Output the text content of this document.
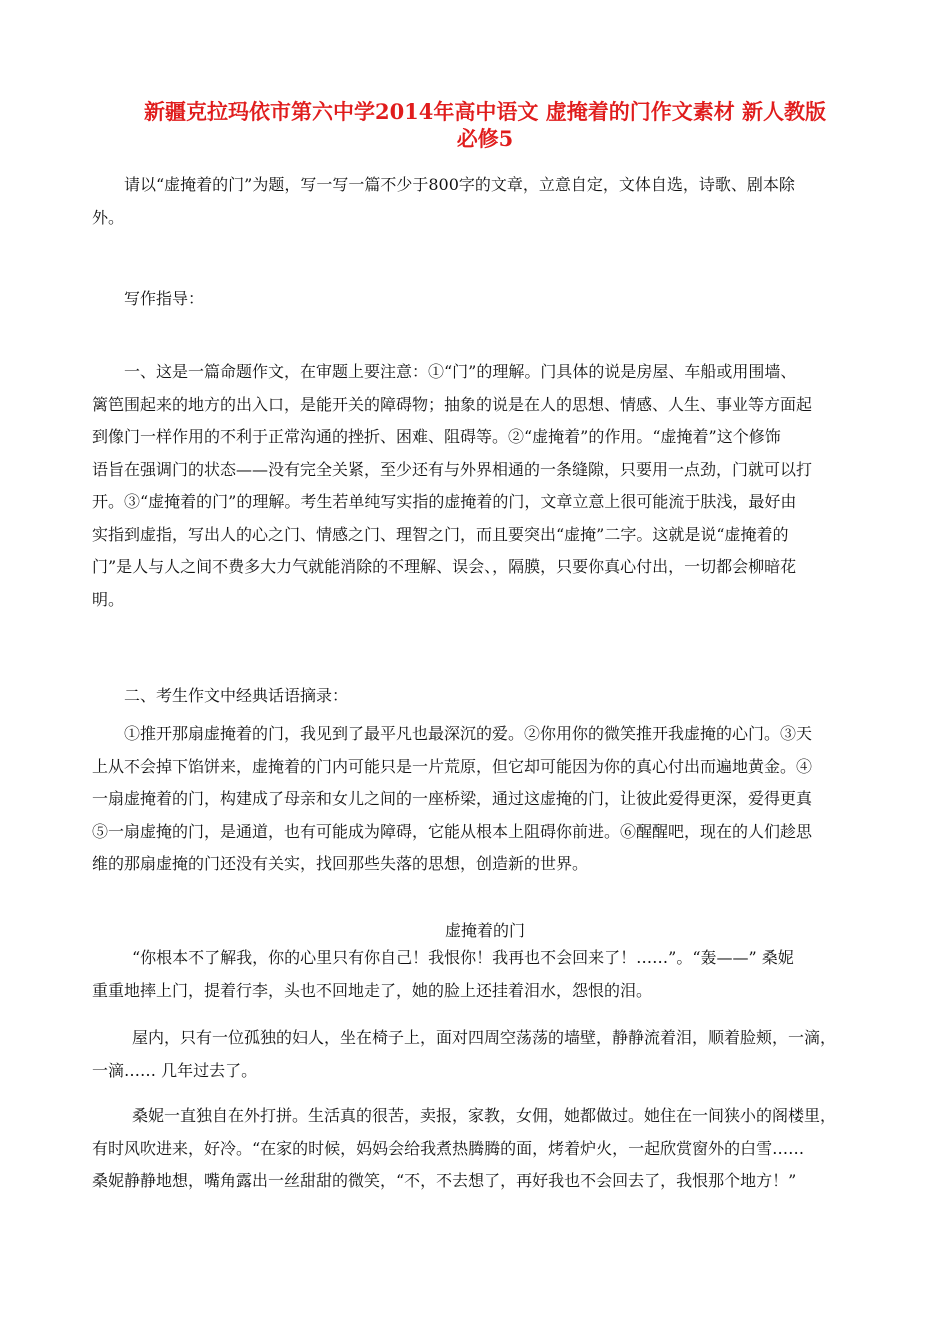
新疆克拉玛依市第六中学2014年高中语文 虚掩着的门作文素材 新人教版
必修5
请以“虚掩着的门”为题，写一写一篇不少于800字的文章，立意自定，文体自选，诗歌、剧本除
外。
写作指导：
一、这是一篇命题作文，在审题上要注意：①“门”的理解。门具体的说是房屋、车船或用围墙、
篱笆围起来的地方的出入口，是能开关的障碍物；抽象的说是在人的思想、情感、人生、事业等方面起
到像门一样作用的不利于正常沟通的挫折、困难、阻碍等。②“虚掩着”的作用。“虚掩着”这个修饰
语旨在强调门的状态——没有完全关紧，至少还有与外界相通的一条缝隙，只要用一点劲，门就可以打
开。③“虚掩着的门”的理解。考生若单纯写实指的虚掩着的门，文章立意上很可能流于肤浅，最好由
实指到虚指，写出人的心之门、情感之门、理智之门，而且要突出“虚掩”二字。这就是说“虚掩着的
门”是人与人之间不费多大力气就能消除的不理解、误会、，隔膜，只要你真心付出，一切都会柳暗花
明。
二、考生作文中经典话语摘录：
①推开那扇虚掩着的门，我见到了最平凡也最深沉的爱。②你用你的微笑推开我虚掩的心门。③天
上从不会掉下馅饼来，虚掩着的门内可能只是一片荒原，但它却可能因为你的真心付出而遍地黄金。④
一扇虚掩着的门，构建成了母亲和女儿之间的一座桥梁，通过这虚掩的门，让彼此爱得更深，爱得更真
⑤一扇虚掩的门，是通道，也有可能成为障碍，它能从根本上阻碍你前进。⑥醒醒吧，现在的人们趁思
维的那扇虚掩的门还没有关实，找回那些失落的思想，创造新的世界。
虚掩着的门
“你根本不了解我，你的心里只有你自己！我恨你！我再也不会回来了！……”。“轰——” 桑妮
重重地摔上门，提着行李，头也不回地走了，她的脸上还挂着泪水，怨恨的泪。
屋内，只有一位孤独的妇人，坐在椅子上，面对四周空荡荡的墙壁，静静流着泪，顺着脸颊，一滴，
一滴…… 几年过去了。
桑妮一直独自在外打拼。生活真的很苦，卖报，家教，女佣，她都做过。她住在一间狭小的阁楼里，
有时风吹进来，好冷。“在家的时候，妈妈会给我煮热腾腾的面，烤着炉火，一起欣赏窗外的白雪……
桑妮静静地想，嘴角露出一丝甜甜的微笑，“不，不去想了，再好我也不会回去了，我恨那个地方！”
